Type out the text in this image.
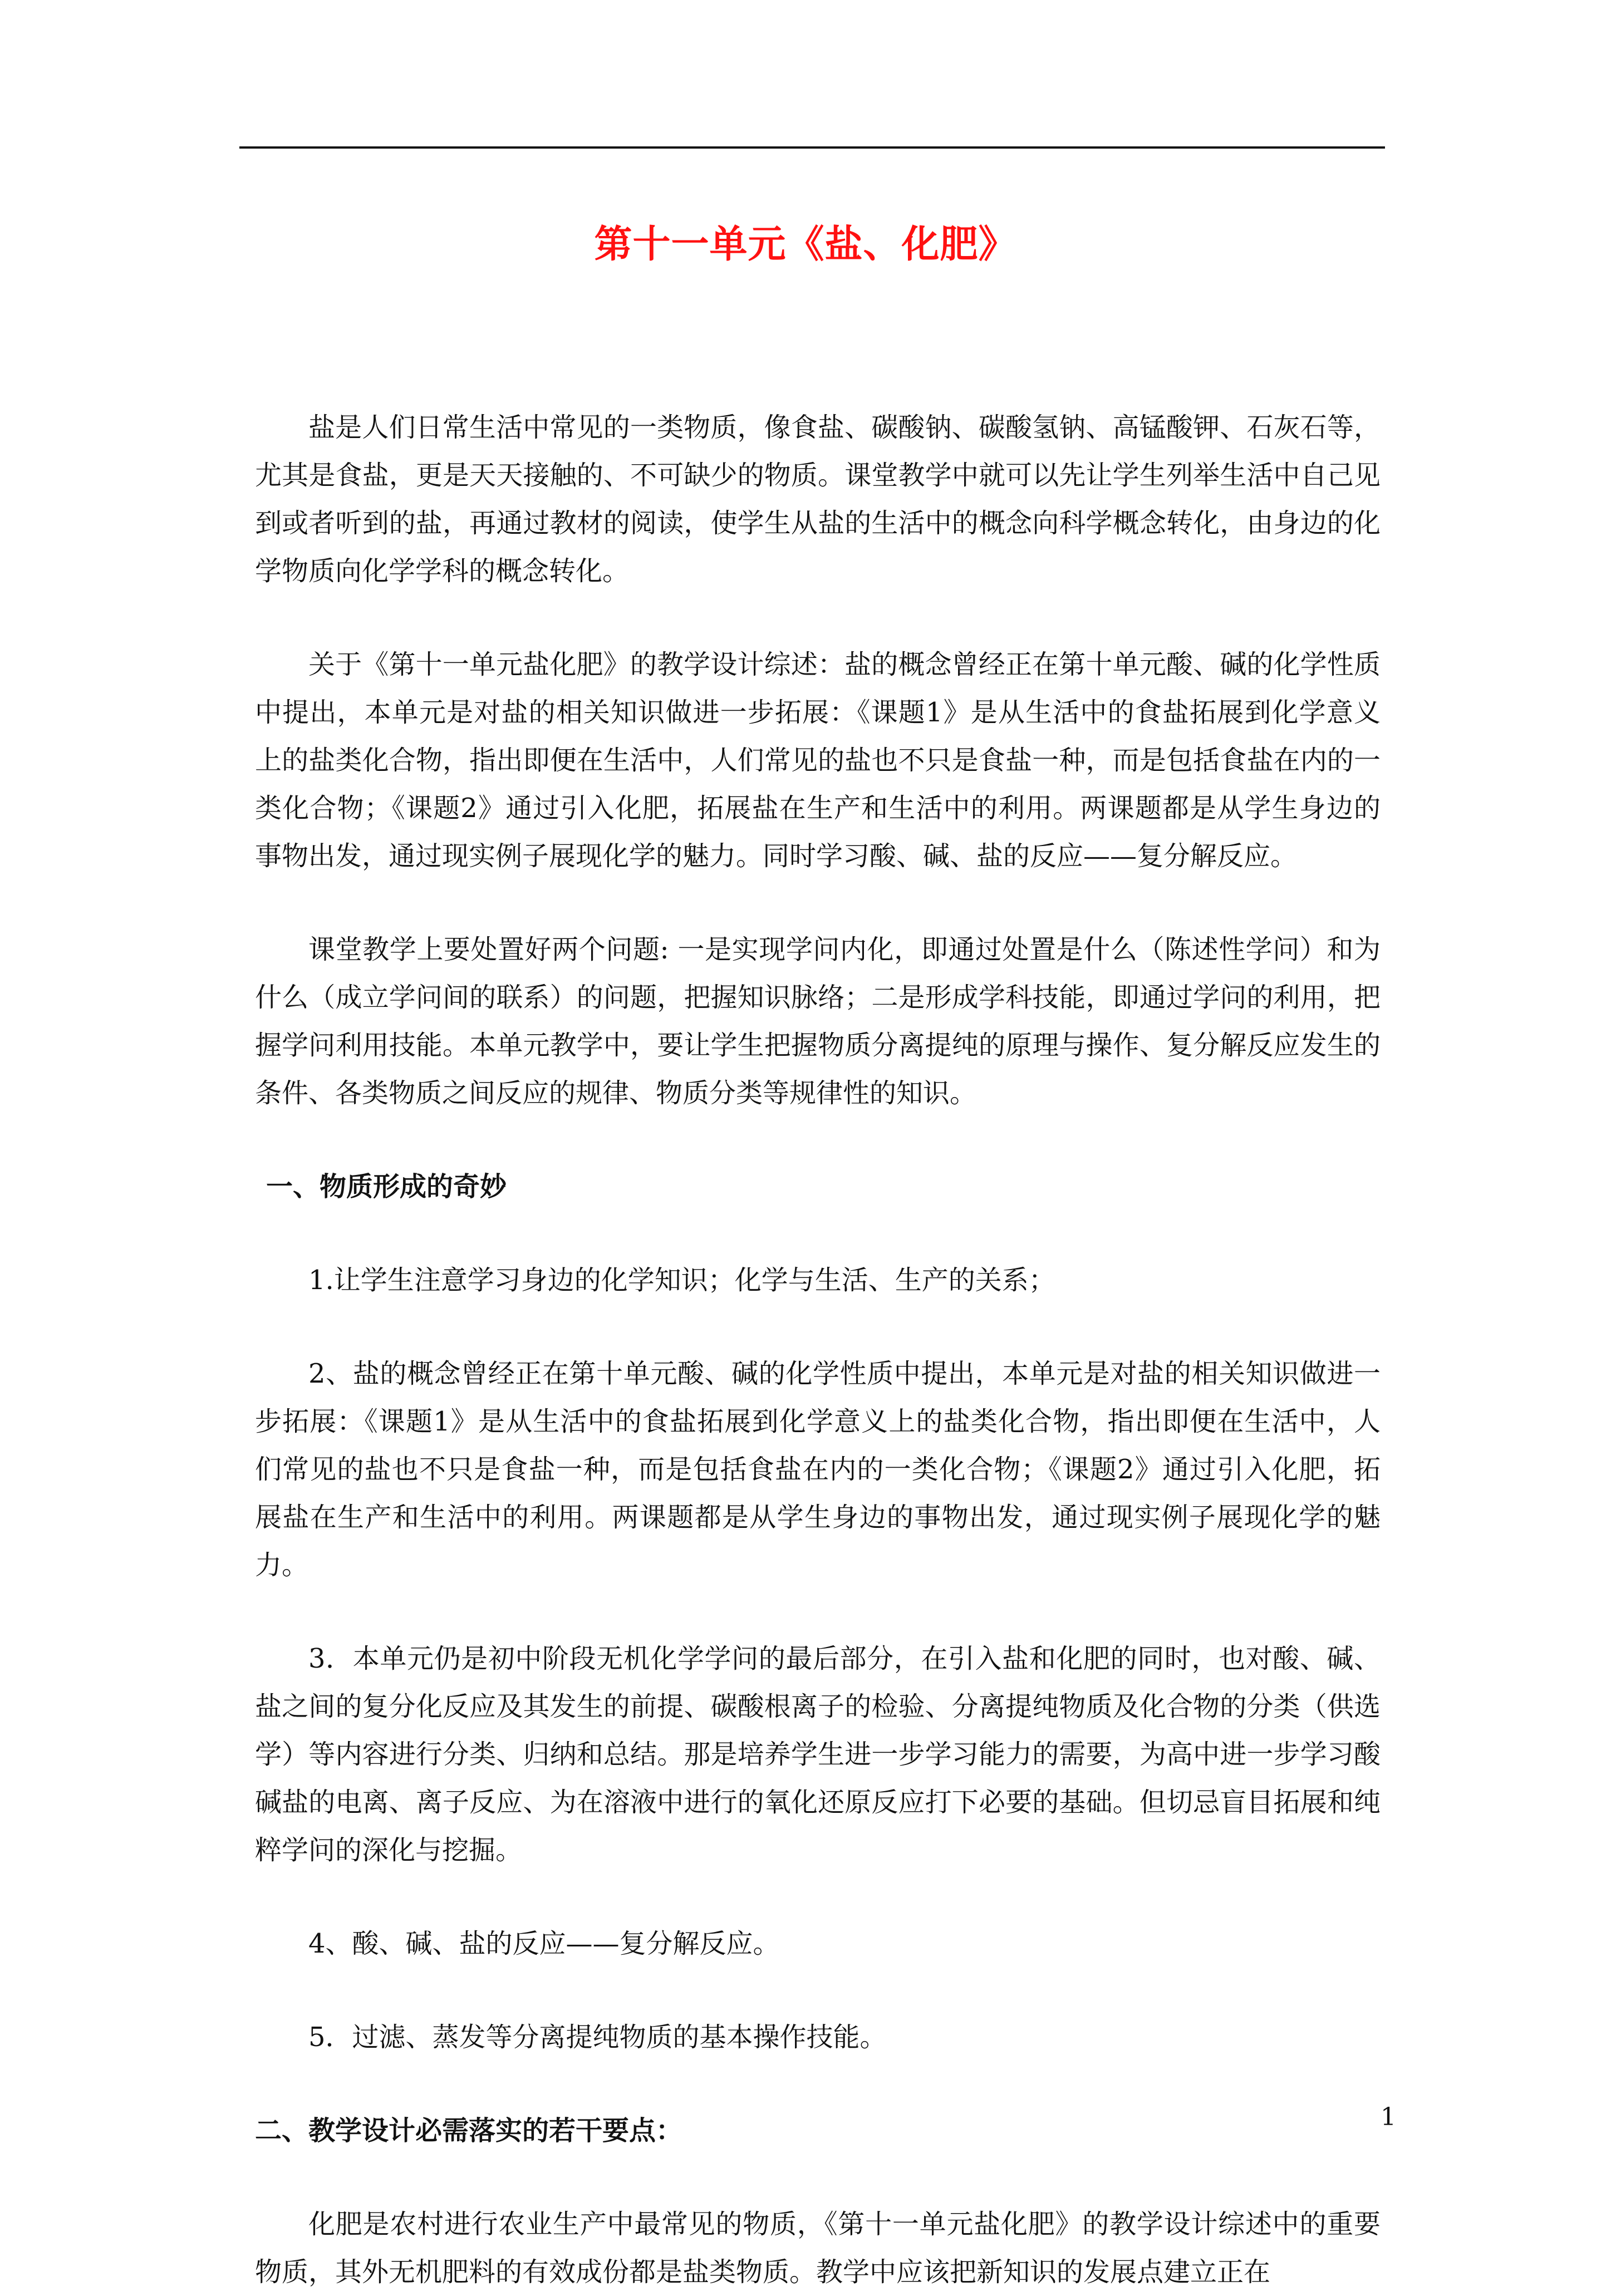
第十一单元《盐、化肥》

盐是人们日常生活中常见的一类物质，像食盐、碳酸钠、碳酸氢钠、高锰酸钾、石灰石等，尤其是食盐，更是天天接触的、不可缺少的物质。课堂教学中就可以先让学生列举生活中自己见到或者听到的盐，再通过教材的阅读，使学生从盐的生活中的概念向科学概念转化，由身边的化学物质向化学学科的概念转化。

关于《第十一单元盐化肥》的教学设计综述：盐的概念曾经正在第十单元酸、碱的化学性质中提出，本单元是对盐的相关知识做进一步拓展：《课题1》是从生活中的食盐拓展到化学意义上的盐类化合物，指出即便在生活中，人们常见的盐也不只是食盐一种，而是包括食盐在内的一类化合物；《课题2》通过引入化肥，拓展盐在生产和生活中的利用。两课题都是从学生身边的事物出发，通过现实例子展现化学的魅力。同时学习酸、碱、盐的反应——复分解反应。

课堂教学上要处置好两个问题: 一是实现学问内化，即通过处置是什么（陈述性学问）和为什么（成立学问间的联系）的问题，把握知识脉络；二是形成学科技能，即通过学问的利用，把握学问利用技能。本单元教学中，要让学生把握物质分离提纯的原理与操作、复分解反应发生的条件、各类物质之间反应的规律、物质分类等规律性的知识。

一、物质形成的奇妙

1.让学生注意学习身边的化学知识；化学与生活、生产的关系；

2、盐的概念曾经正在第十单元酸、碱的化学性质中提出，本单元是对盐的相关知识做进一步拓展：《课题1》是从生活中的食盐拓展到化学意义上的盐类化合物，指出即便在生活中，人们常见的盐也不只是食盐一种，而是包括食盐在内的一类化合物；《课题2》通过引入化肥，拓展盐在生产和生活中的利用。两课题都是从学生身边的事物出发，通过现实例子展现化学的魅力。

3．本单元仍是初中阶段无机化学学问的最后部分，在引入盐和化肥的同时，也对酸、碱、盐之间的复分化反应及其发生的前提、碳酸根离子的检验、分离提纯物质及化合物的分类（供选学）等内容进行分类、归纳和总结。那是培养学生进一步学习能力的需要，为高中进一步学习酸碱盐的电离、离子反应、为在溶液中进行的氧化还原反应打下必要的基础。但切忌盲目拓展和纯粹学问的深化与挖掘。

4、酸、碱、盐的反应——复分解反应。

5．过滤、蒸发等分离提纯物质的基本操作技能。

二、教学设计必需落实的若干要点：

化肥是农村进行农业生产中最常见的物质，《第十一单元盐化肥》的教学设计综述中的重要物质，其外无机肥料的有效成份都是盐类物质。教学中应该把新知识的发展点建立正在

1
